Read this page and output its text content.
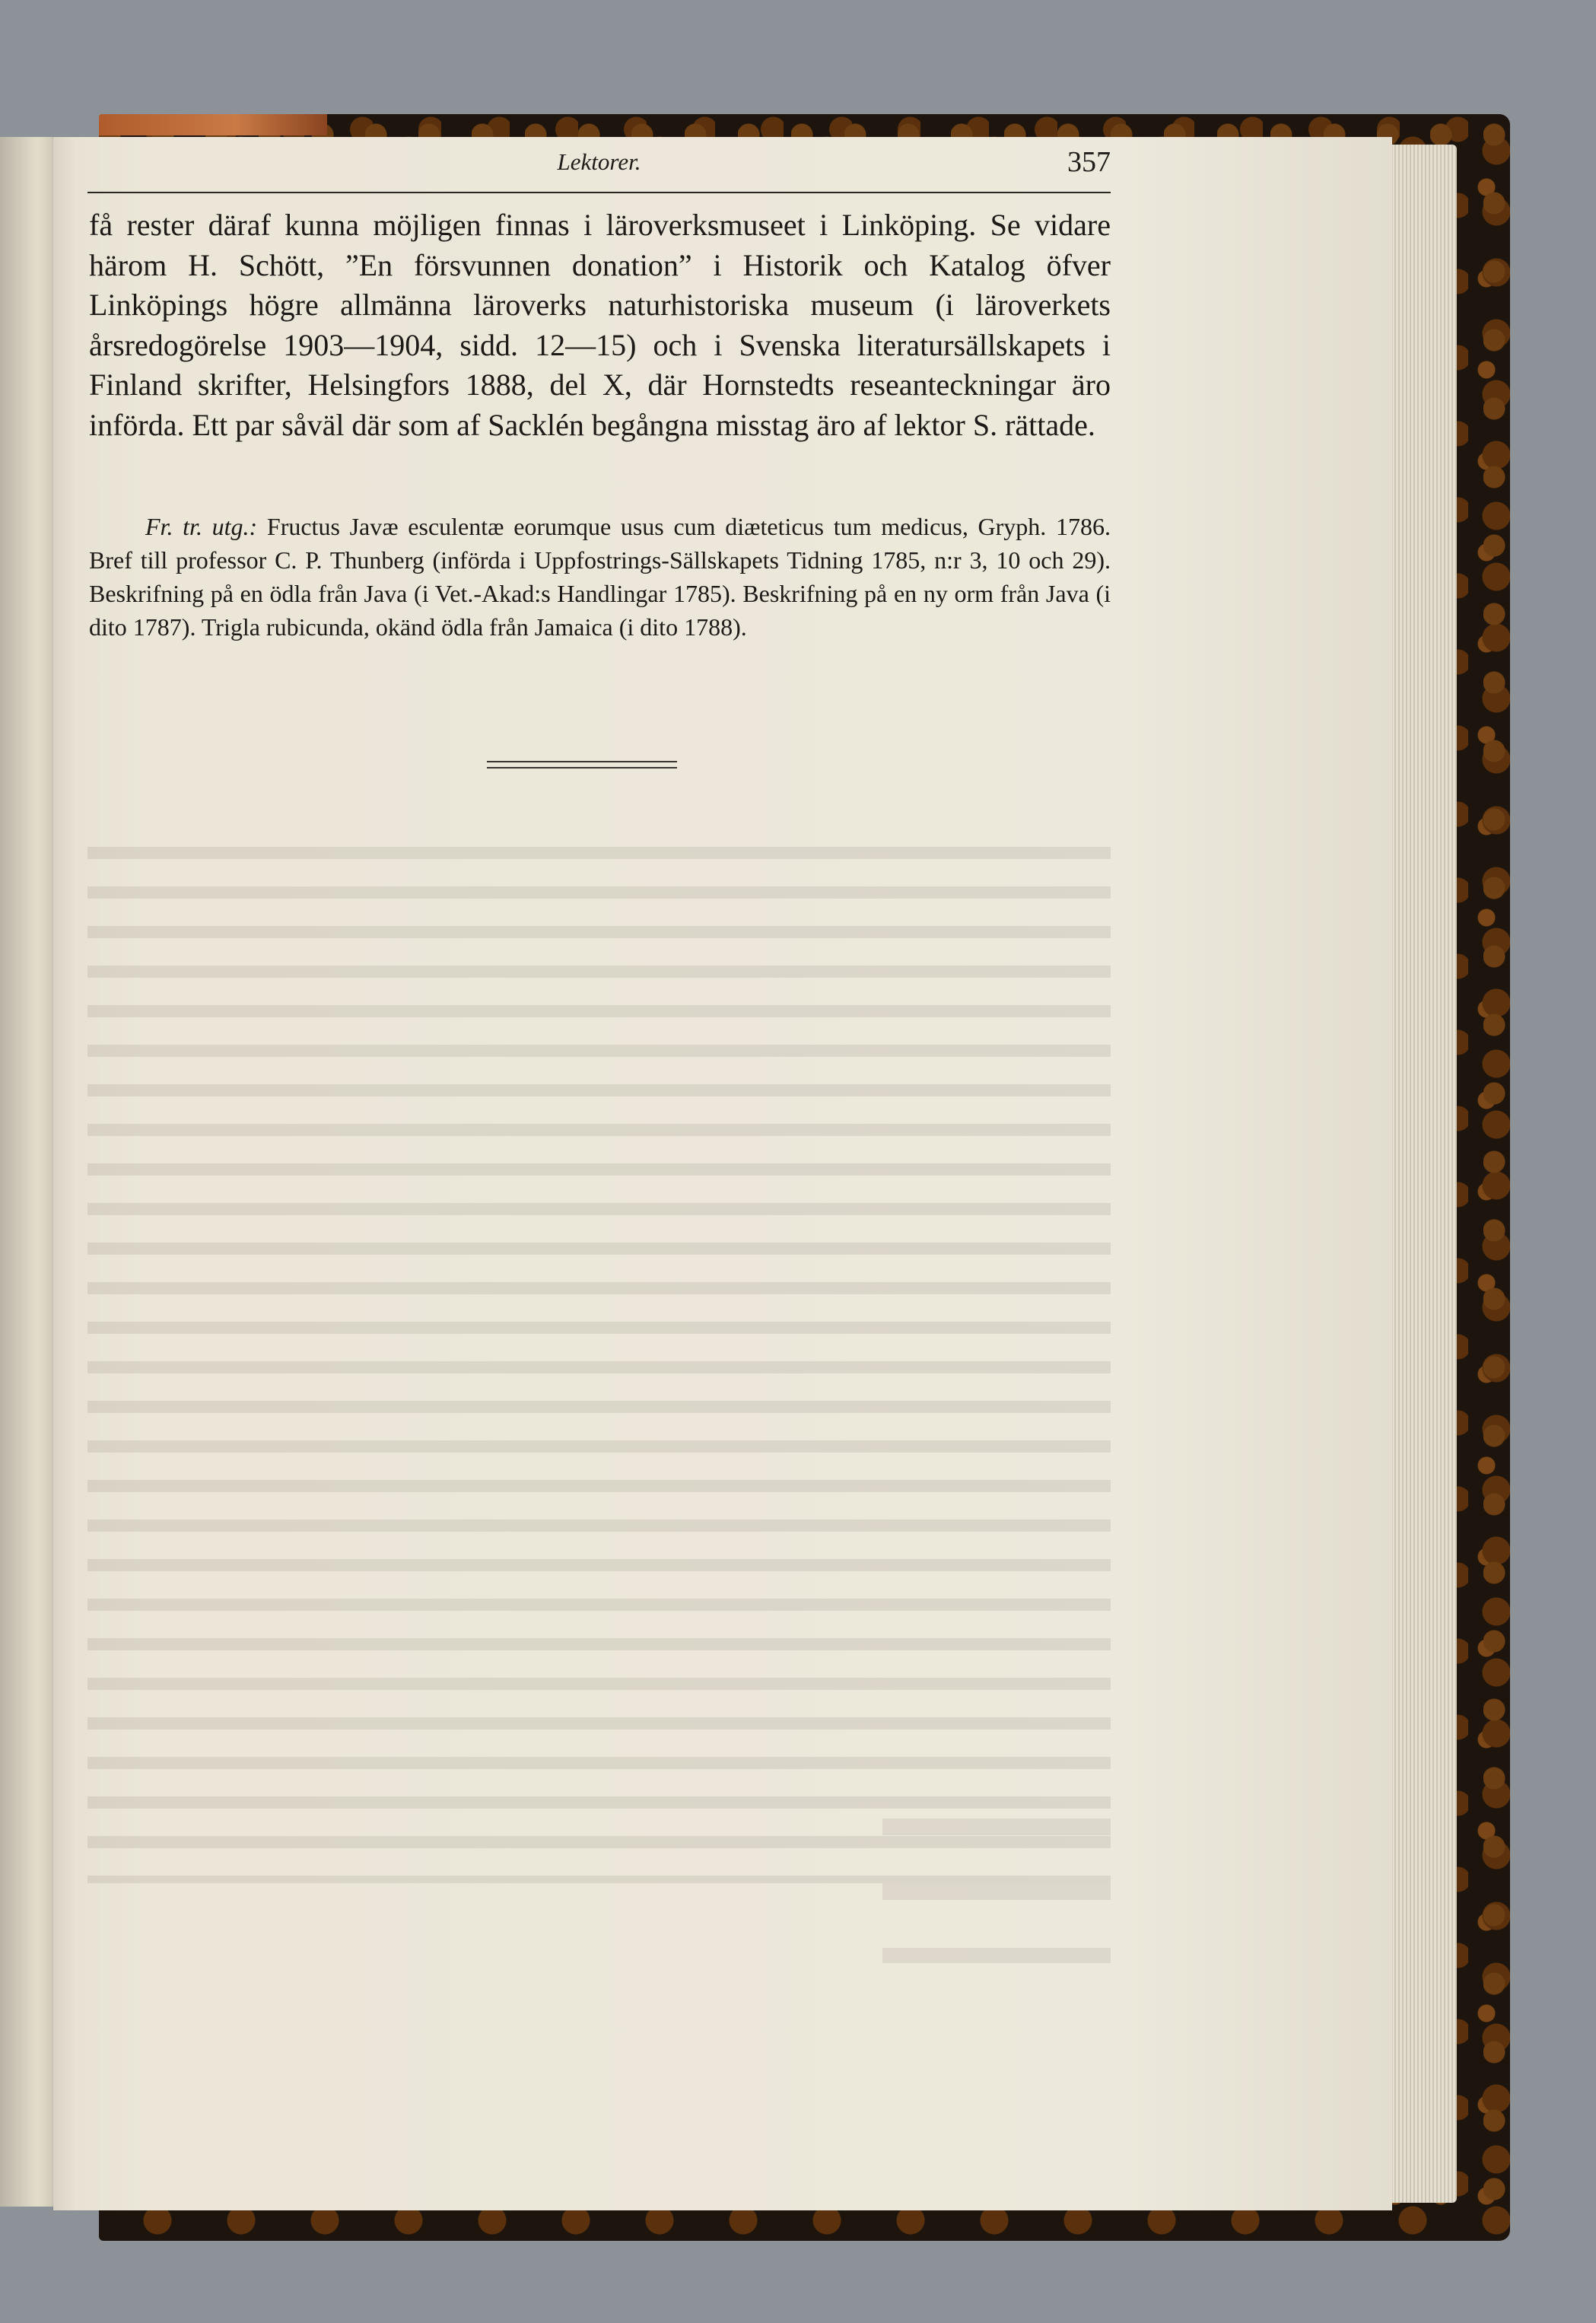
Lektorer.	357

få rester däraf kunna möjligen finnas i läroverksmuseet i Linköping. Se vidare härom H. Schött, ”En försvunnen donation” i Historik och Katalog öfver Linköpings högre allmänna läroverks naturhistoriska museum (i läroverkets årsredogörelse 1903—1904, sidd. 12—15) och i Svenska literatursällskapets i Finland skrifter, Helsingfors 1888, del X, där Hornstedts reseanteckningar äro införda. Ett par såväl där som af Sacklén begångna misstag äro af lektor S. rättade.

Fr. tr. utg.: Fructus Javæ esculentæ eorumque usus cum diæteticus tum medicus, Gryph. 1786. Bref till professor C. P. Thunberg (införda i Uppfostrings-Sällskapets Tidning 1785, n:r 3, 10 och 29). Beskrifning på en ödla från Java (i Vet.-Akad:s Handlingar 1785). Beskrifning på en ny orm från Java (i dito 1787). Trigla rubicunda, okänd ödla från Jamaica (i dito 1788).
